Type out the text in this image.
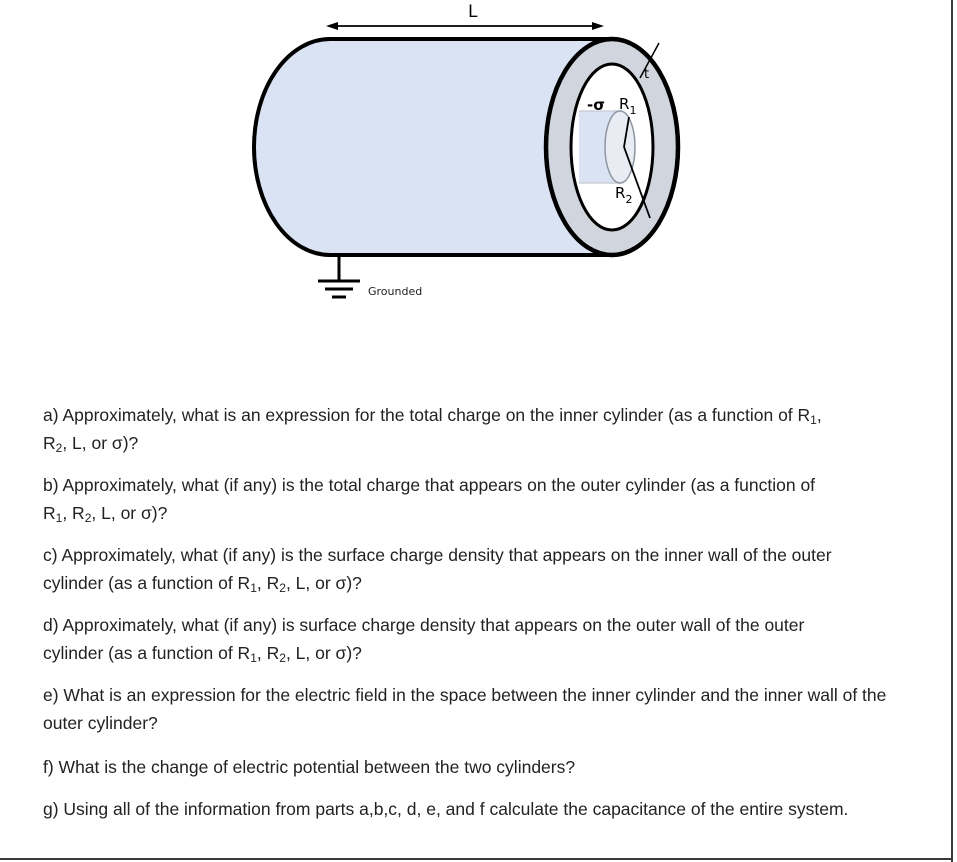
L
t
-σ $R_1$
$R_2$
Grounded

a) Approximately, what is an expression for the total charge on the inner cylinder (as a function of $R_1$,
$R_2$, L, or σ)?

b) Approximately, what (if any) is the total charge that appears on the outer cylinder (as a function of
$R_1$, $R_2$, L, or σ)?

c) Approximately, what (if any) is the surface charge density that appears on the inner wall of the outer
cylinder (as a function of $R_1$, $R_2$, L, or σ)?

d) Approximately, what (if any) is surface charge density that appears on the outer wall of the outer
cylinder (as a function of $R_1$, $R_2$, L, or σ)?

e) What is an expression for the electric field in the space between the inner cylinder and the inner wall of the outer cylinder?

f) What is the change of electric potential between the two cylinders?

g) Using all of the information from parts a,b,c, d, e, and f calculate the capacitance of the entire system.
